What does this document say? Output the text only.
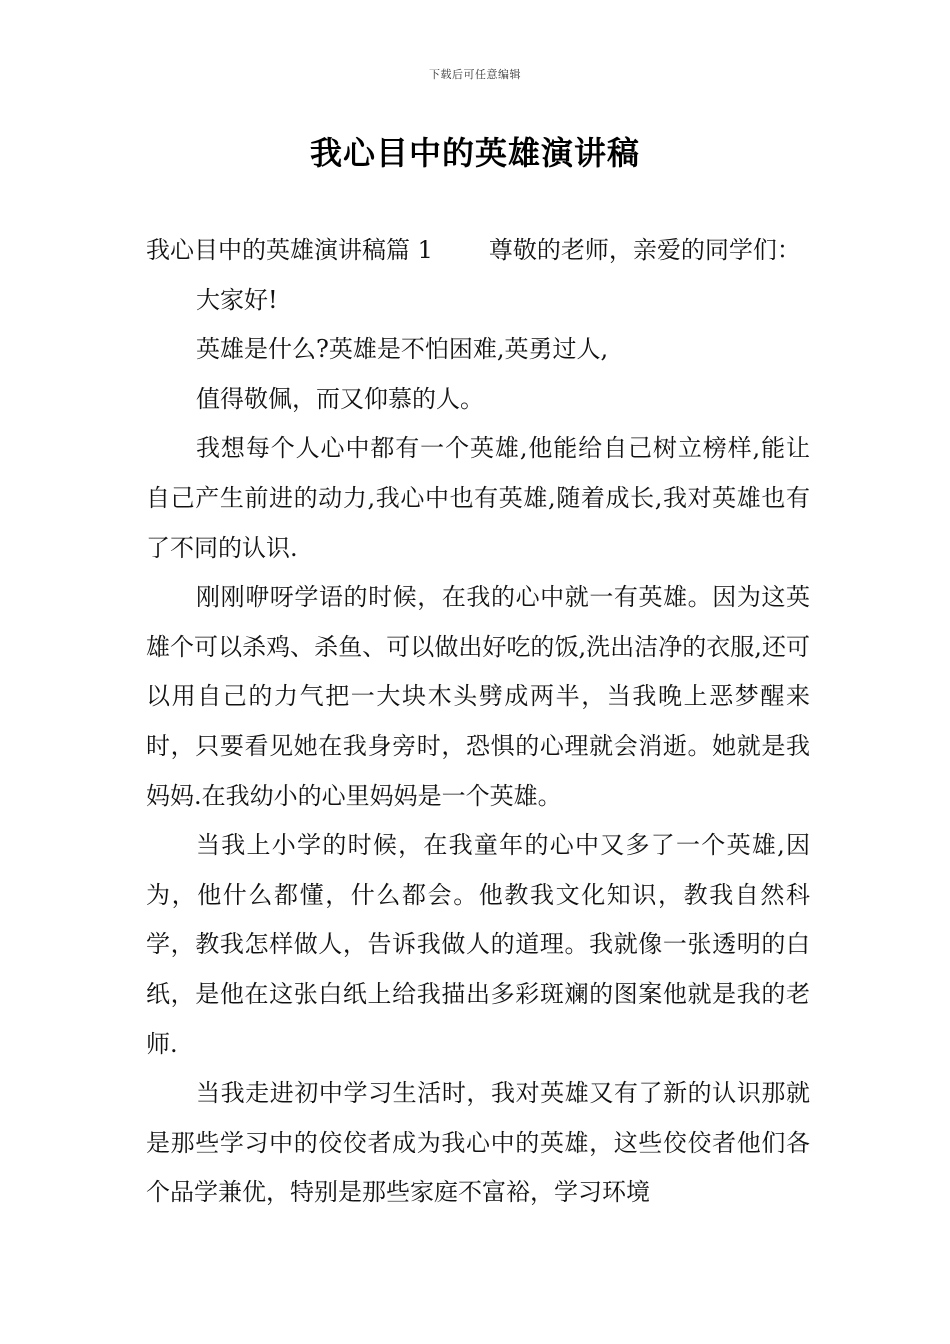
下载后可任意编辑
我心目中的英雄演讲稿

我心目中的英雄演讲稿篇 1 尊敬的老师，亲爱的同学们：

大家好!

英雄是什么?英雄是不怕困难,英勇过人,

值得敬佩，而又仰慕的人。

我想每个人心中都有一个英雄,他能给自己树立榜样,能让自己产生前进的动力,我心中也有英雄,随着成长,我对英雄也有了不同的认识.

刚刚咿呀学语的时候，在我的心中就一有英雄。因为这英雄个可以杀鸡、杀鱼、可以做出好吃的饭,洗出洁净的衣服,还可以用自己的力气把一大块木头劈成两半，当我晚上恶梦醒来时，只要看见她在我身旁时，恐惧的心理就会消逝。她就是我妈妈.在我幼小的心里妈妈是一个英雄。

当我上小学的时候，在我童年的心中又多了一个英雄,因为，他什么都懂，什么都会。他教我文化知识，教我自然科学，教我怎样做人，告诉我做人的道理。我就像一张透明的白纸，是他在这张白纸上给我描出多彩斑斓的图案他就是我的老师.

当我走进初中学习生活时，我对英雄又有了新的认识那就是那些学习中的佼佼者成为我心中的英雄，这些佼佼者他们各个品学兼优，特别是那些家庭不富裕，学习环境
